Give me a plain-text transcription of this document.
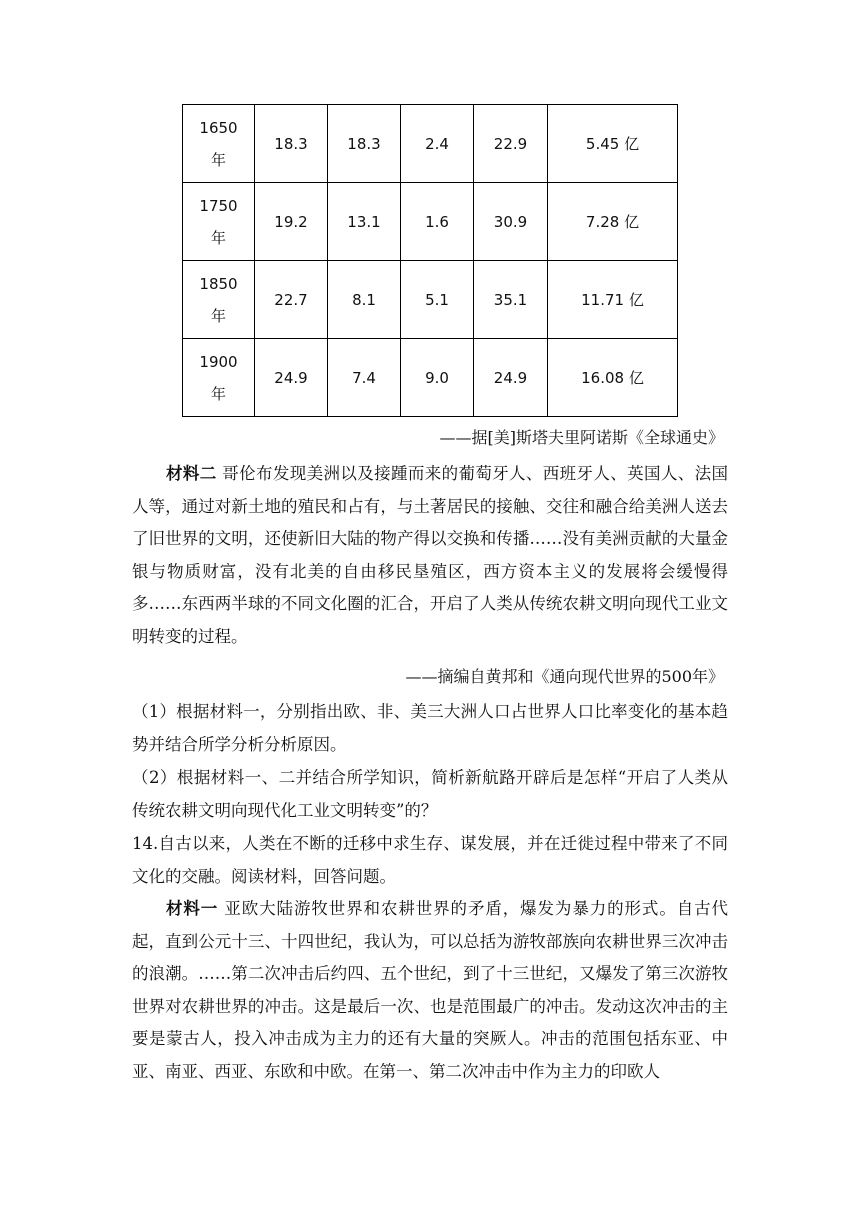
1650
年	18.3	18.3	2.4	22.9	5.45 亿
1750
年	19.2	13.1	1.6	30.9	7.28 亿
1850
年	22.7	8.1	5.1	35.1	11.71 亿
1900
年	24.9	7.4	9.0	24.9	16.08 亿
——据[美]斯塔夫里阿诺斯《全球通史》
材料二 哥伦布发现美洲以及接踵而来的葡萄牙人、西班牙人、英国人、法国人等，通过对新土地的殖民和占有，与土著居民的接触、交往和融合给美洲人送去了旧世界的文明，还使新旧大陆的物产得以交换和传播……没有美洲贡献的大量金银与物质财富，没有北美的自由移民垦殖区，西方资本主义的发展将会缓慢得多……东西两半球的不同文化圈的汇合，开启了人类从传统农耕文明向现代工业文明转变的过程。
——摘编自黄邦和《通向现代世界的500年》
（1）根据材料一，分别指出欧、非、美三大洲人口占世界人口比率变化的基本趋势并结合所学分析分析原因。
（2）根据材料一、二并结合所学知识，简析新航路开辟后是怎样“开启了人类从传统农耕文明向现代化工业文明转变”的？
14.自古以来，人类在不断的迁移中求生存、谋发展，并在迁徙过程中带来了不同文化的交融。阅读材料，回答问题。
材料一 亚欧大陆游牧世界和农耕世界的矛盾，爆发为暴力的形式。自古代起，直到公元十三、十四世纪，我认为，可以总括为游牧部族向农耕世界三次冲击的浪潮。……第二次冲击后约四、五个世纪，到了十三世纪，又爆发了第三次游牧世界对农耕世界的冲击。这是最后一次、也是范围最广的冲击。发动这次冲击的主要是蒙古人，投入冲击成为主力的还有大量的突厥人。冲击的范围包括东亚、中亚、南亚、西亚、东欧和中欧。在第一、第二次冲击中作为主力的印欧人
